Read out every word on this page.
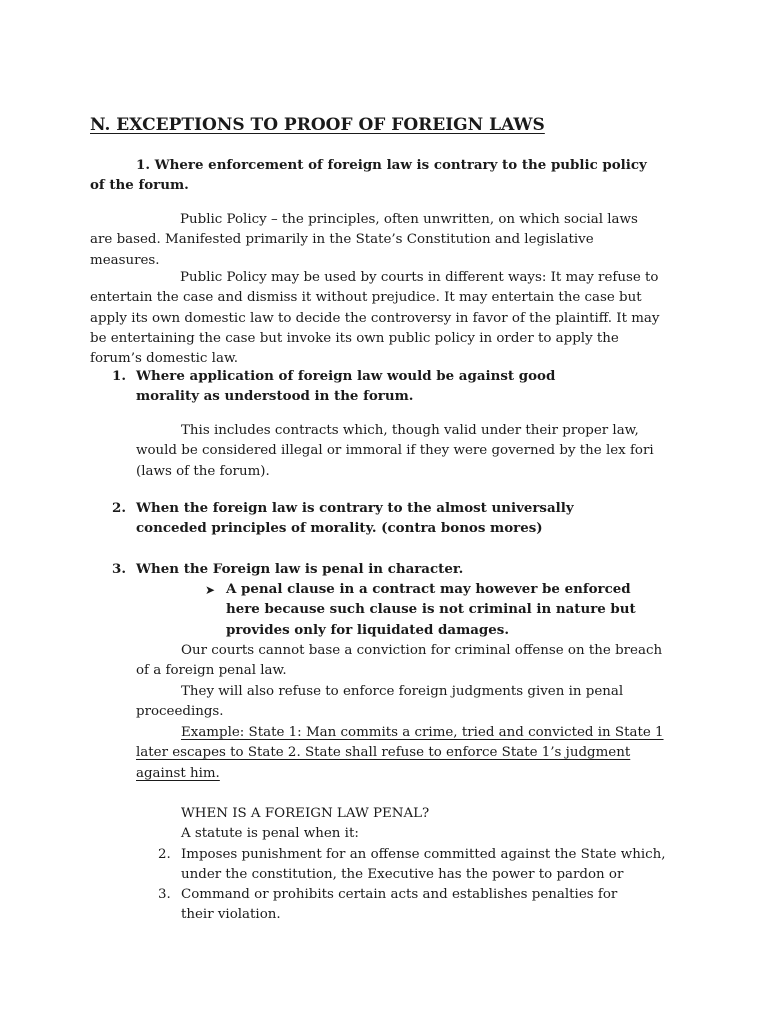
N. EXCEPTIONS TO PROOF OF FOREIGN LAWS
1. Where enforcement of foreign law is contrary to the public policy of the forum.
Public Policy – the principles, often unwritten, on which social laws are based. Manifested primarily in the State’s Constitution and legislative measures.
Public Policy may be used by courts in different ways: It may refuse to entertain the case and dismiss it without prejudice. It may entertain the case but apply its own domestic law to decide the controversy in favor of the plaintiff. It may be entertaining the case but invoke its own public policy in order to apply the forum’s domestic law.
1. Where application of foreign law would be against good morality as understood in the forum.
This includes contracts which, though valid under their proper law, would be considered illegal or immoral if they were governed by the lex fori (laws of the forum).
2. When the foreign law is contrary to the almost universally conceded principles of morality. (contra bonos mores)
3. When the Foreign law is penal in character.
➤ A penal clause in a contract may however be enforced here because such clause is not criminal in nature but provides only for liquidated damages.
Our courts cannot base a conviction for criminal offense on the breach of a foreign penal law.
They will also refuse to enforce foreign judgments given in penal proceedings.
Example: State 1: Man commits a crime, tried and convicted in State 1 later escapes to State 2. State shall refuse to enforce State 1’s judgment against him.
WHEN IS A FOREIGN LAW PENAL?
A statute is penal when it:
2. Imposes punishment for an offense committed against the State which, under the constitution, the Executive has the power to pardon or
3. Command or prohibits certain acts and establishes penalties for their violation.
